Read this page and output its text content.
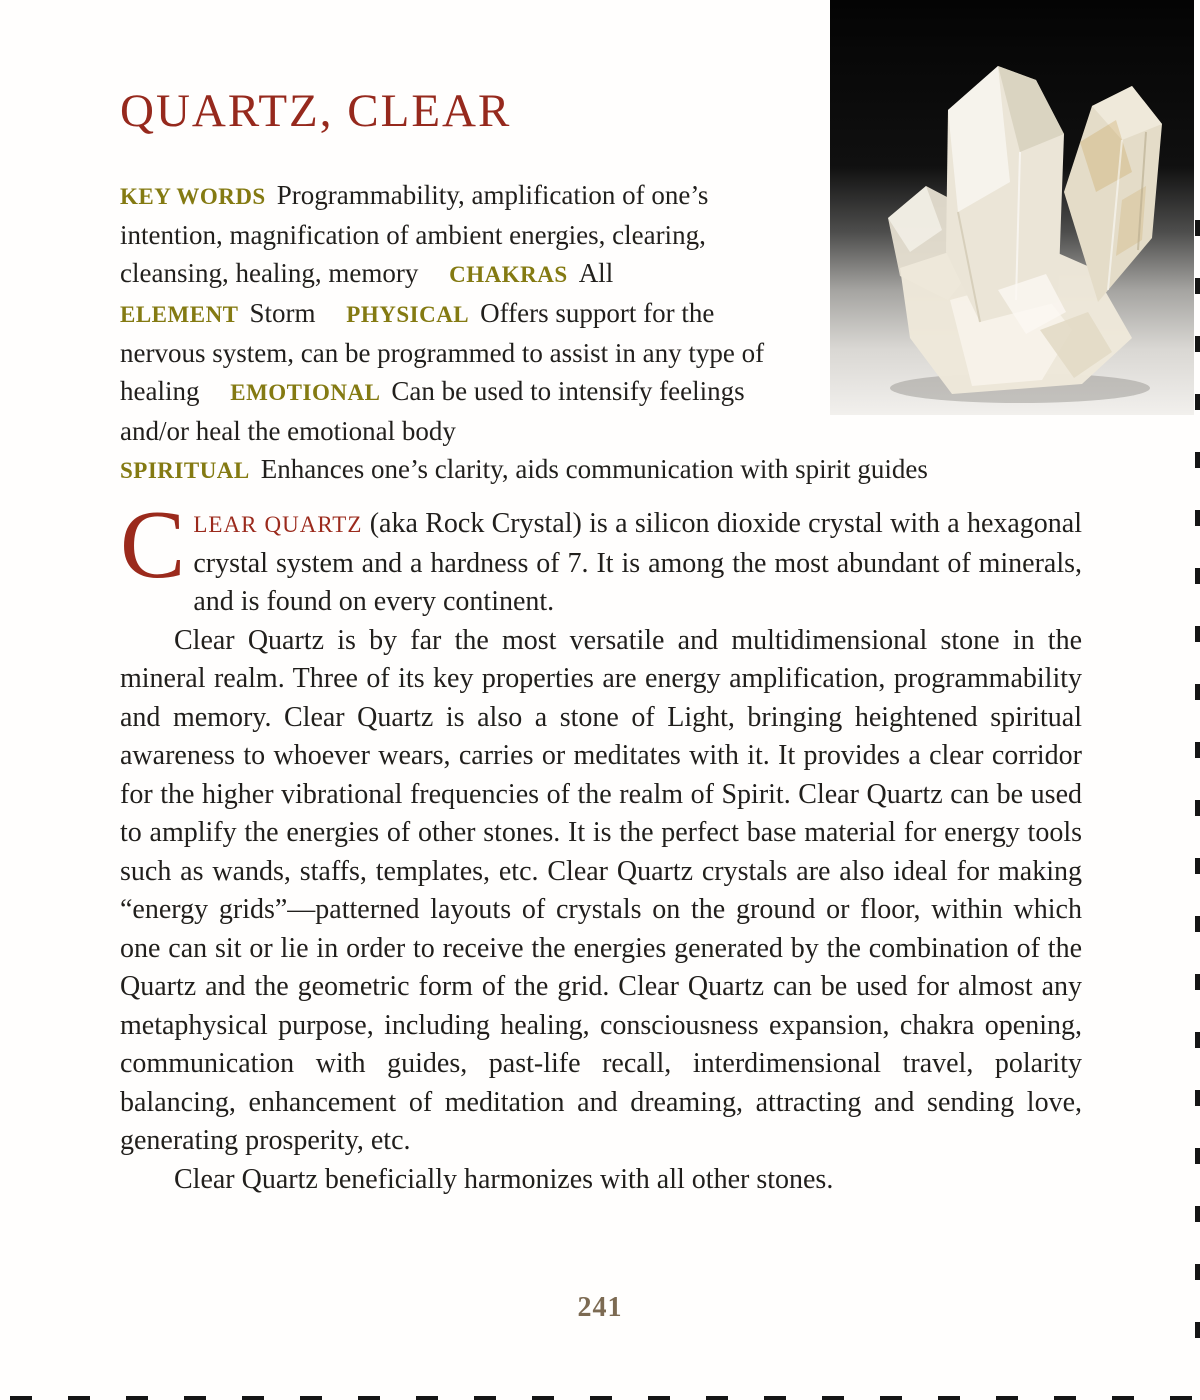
QUARTZ, CLEAR
KEY WORDS Programmability, amplification of one’s intention, magnification of ambient energies, clearing, cleansing, healing, memory CHAKRAS All ELEMENT Storm PHYSICAL Offers support for the nervous system, can be programmed to assist in any type of healing EMOTIONAL Can be used to intensify feelings and/or heal the emotional body
SPIRITUAL Enhances one’s clarity, aids communication with spirit guides

CLEAR QUARTZ (aka Rock Crystal) is a silicon dioxide crystal with a hexagonal crystal system and a hardness of 7. It is among the most abundant of minerals, and is found on every continent.

Clear Quartz is by far the most versatile and multidimensional stone in the mineral realm. Three of its key properties are energy amplification, programmability and memory. Clear Quartz is also a stone of Light, bringing heightened spiritual awareness to whoever wears, carries or meditates with it. It provides a clear corridor for the higher vibrational frequencies of the realm of Spirit. Clear Quartz can be used to amplify the energies of other stones. It is the perfect base material for energy tools such as wands, staffs, templates, etc. Clear Quartz crystals are also ideal for making “energy grids”—patterned layouts of crystals on the ground or floor, within which one can sit or lie in order to receive the energies generated by the combination of the Quartz and the geometric form of the grid. Clear Quartz can be used for almost any metaphysical purpose, including healing, consciousness expansion, chakra opening, communication with guides, past-life recall, interdimensional travel, polarity balancing, enhancement of meditation and dreaming, attracting and sending love, generating prosperity, etc.

Clear Quartz beneficially harmonizes with all other stones.

241
